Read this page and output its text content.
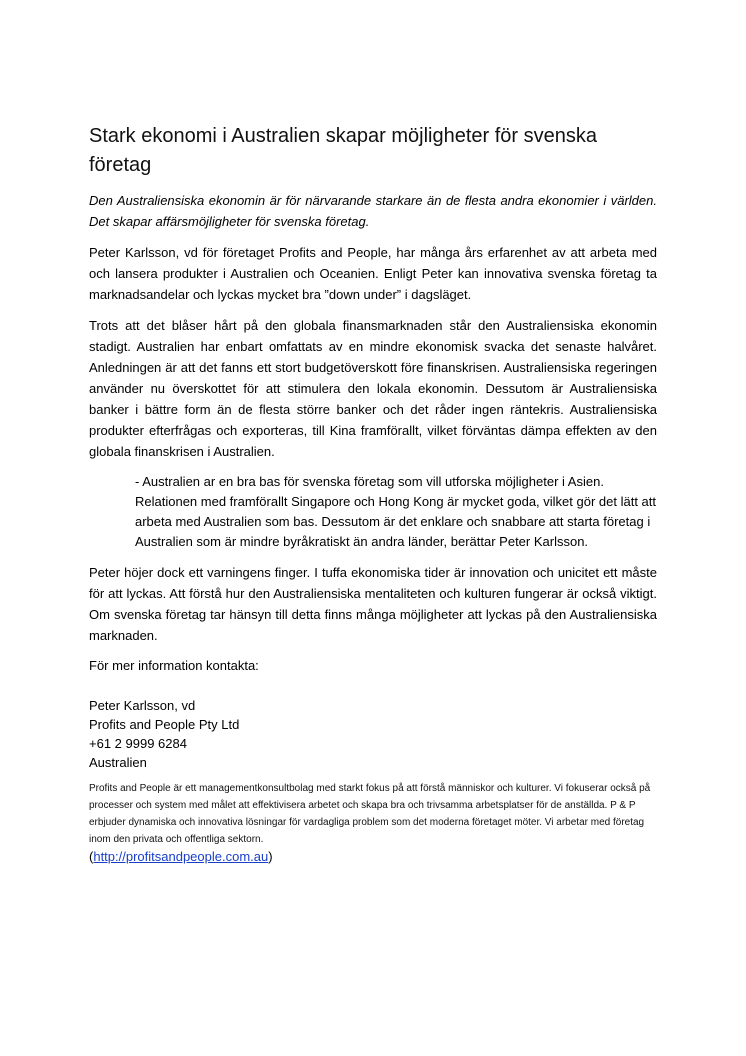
Stark ekonomi i Australien skapar möjligheter för svenska företag

Den Australiensiska ekonomin är för närvarande starkare än de flesta andra ekonomier i världen. Det skapar affärsmöjligheter för svenska företag.

Peter Karlsson, vd för företaget Profits and People, har många års erfarenhet av att arbeta med och lansera produkter i Australien och Oceanien. Enligt Peter kan innovativa svenska företag ta marknadsandelar och lyckas mycket bra ”down under” i dagsläget.

Trots att det blåser hårt på den globala finansmarknaden står den Australiensiska ekonomin stadigt. Australien har enbart omfattats av en mindre ekonomisk svacka det senaste halvåret. Anledningen är att det fanns ett stort budgetöverskott före finanskrisen. Australiensiska regeringen använder nu överskottet för att stimulera den lokala ekonomin. Dessutom är Australiensiska banker i bättre form än de flesta större banker och det råder ingen räntekris. Australiensiska produkter efterfrågas och exporteras, till Kina framförallt, vilket förväntas dämpa effekten av den globala finanskrisen i Australien.

- Australien ar en bra bas för svenska företag som vill utforska möjligheter i Asien. Relationen med framförallt Singapore och Hong Kong är mycket goda, vilket gör det lätt att arbeta med Australien som bas. Dessutom är det enklare och snabbare att starta företag i Australien som är mindre byråkratiskt än andra länder, berättar Peter Karlsson.

Peter höjer dock ett varningens finger. I tuffa ekonomiska tider är innovation och unicitet ett måste för att lyckas. Att förstå hur den Australiensiska mentaliteten och kulturen fungerar är också viktigt. Om svenska företag tar hänsyn till detta finns många möjligheter att lyckas på den Australiensiska marknaden.

För mer information kontakta:

Peter Karlsson, vd
Profits and People Pty Ltd
+61 2 9999 6284
Australien

Profits and People är ett managementkonsultbolag med starkt fokus på att förstå människor och kulturer. Vi fokuserar också på processer och system med målet att effektivisera arbetet och skapa bra och trivsamma arbetsplatser för de anställda. P & P erbjuder dynamiska och innovativa lösningar för vardagliga problem som det moderna företaget möter. Vi arbetar med företag inom den privata och offentliga sektorn.

(http://profitsandpeople.com.au)
